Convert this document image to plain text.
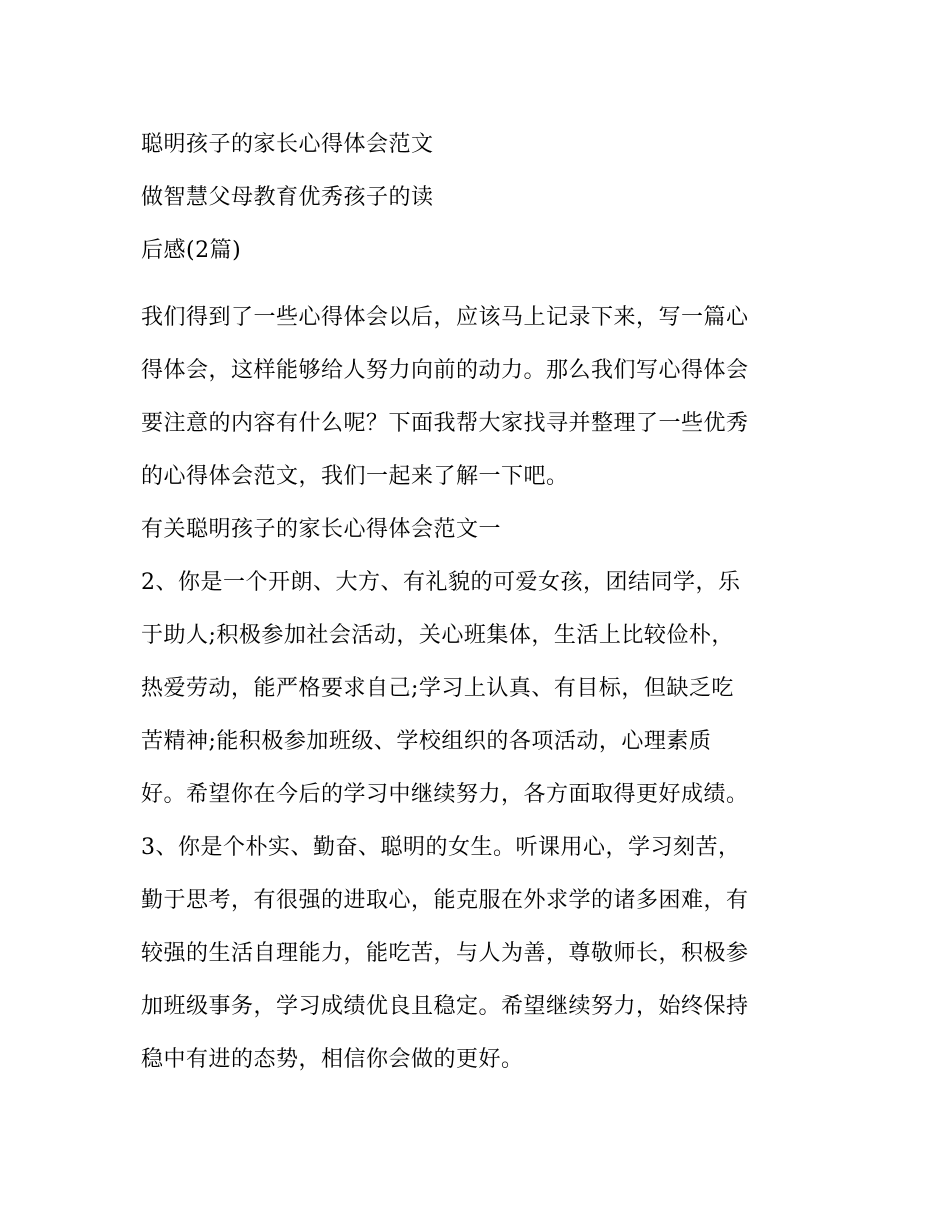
聪明孩子的家长心得体会范文
做智慧父母教育优秀孩子的读
后感(2篇)

我们得到了一些心得体会以后，应该马上记录下来，写一篇心
得体会，这样能够给人努力向前的动力。那么我们写心得体会
要注意的内容有什么呢？下面我帮大家找寻并整理了一些优秀
的心得体会范文，我们一起来了解一下吧。

有关聪明孩子的家长心得体会范文一

2、你是一个开朗、大方、有礼貌的可爱女孩，团结同学，乐
于助人;积极参加社会活动，关心班集体，生活上比较俭朴，
热爱劳动，能严格要求自己;学习上认真、有目标，但缺乏吃
苦精神;能积极参加班级、学校组织的各项活动，心理素质
好。希望你在今后的学习中继续努力，各方面取得更好成绩。

3、你是个朴实、勤奋、聪明的女生。听课用心，学习刻苦，
勤于思考，有很强的进取心，能克服在外求学的诸多困难，有
较强的生活自理能力，能吃苦，与人为善，尊敬师长，积极参
加班级事务，学习成绩优良且稳定。希望继续努力，始终保持
稳中有进的态势，相信你会做的更好。
